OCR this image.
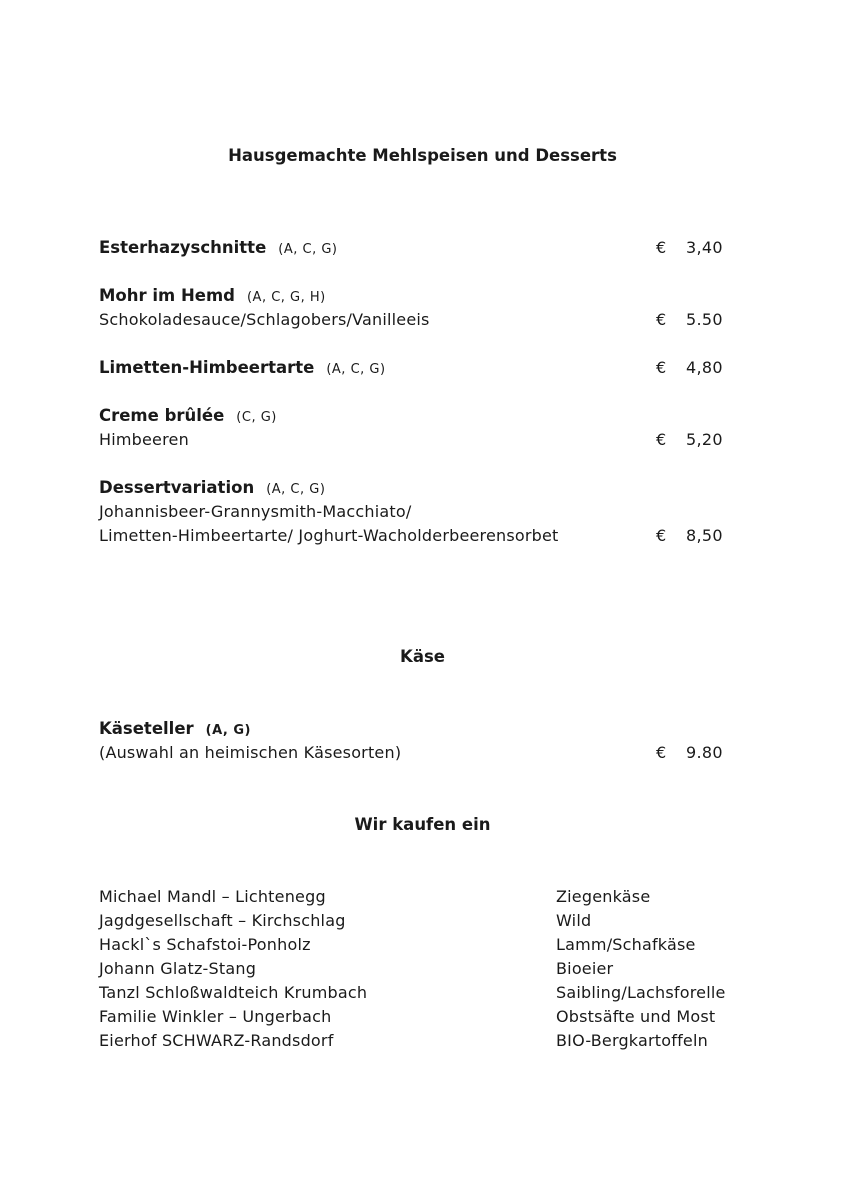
Hausgemachte Mehlspeisen und Desserts
Esterhazyschnitte (A, C, G)	€ 3,40
Mohr im Hemd (A, C, G, H)
Schokoladesauce/Schlagobers/Vanilleeis	€ 5.50
Limetten-Himbeertarte (A, C, G)	€ 4,80
Creme brûlée (C, G)
Himbeeren	€ 5,20
Dessertvariation (A, C, G)
Johannisbeer-Grannysmith-Macchiato/
Limetten-Himbeertarte/ Joghurt-Wacholderbeerensorbet	€ 8,50
Käse
Käseteller (A, G)
(Auswahl an heimischen Käsesorten)	€ 9.80
Wir kaufen ein
Michael Mandl – Lichtenegg	Ziegenkäse
Jagdgesellschaft – Kirchschlag	Wild
Hackl`s Schafstoi-Ponholz	Lamm/Schafkäse
Johann Glatz-Stang	Bioeier
Tanzl Schloßwaldteich Krumbach	Saibling/Lachsforelle
Familie Winkler – Ungerbach	Obstsäfte und Most
Eierhof SCHWARZ-Randsdorf	BIO-Bergkartoffeln
